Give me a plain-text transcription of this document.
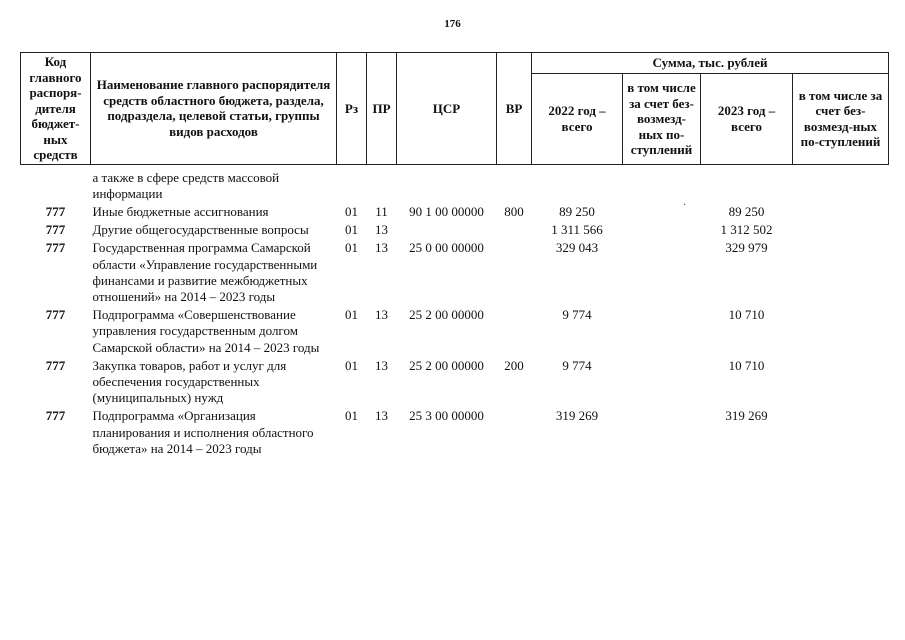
176
Код главного распоря-дителя бюджет-ных средств	Наименование главного распорядителя средств областного бюджета, раздела, подраздела, целевой статьи, группы видов расходов	Рз	ПР	ЦСР	ВР	Сумма, тыс. рублей			
						2022 год – всего	в том числе за счет без-возмезд-ных по-ступлений	2023 год – всего	в том числе за счет без-возмезд-ных по-ступлений
	а также в сфере средств массовой информации								
777	Иные бюджетные ассигнования	01	11	90 1 00 00000	800	89 250		89 250	
777	Другие общегосударственные вопросы	01	13			1 311 566		1 312 502	
777	Государственная программа Самарской области «Управление государственными финансами и развитие межбюджетных отношений» на 2014 – 2023 годы	01	13	25 0 00 00000		329 043		329 979	
777	Подпрограмма «Совершенствование управления государственным долгом Самарской области» на 2014 – 2023 годы	01	13	25 2 00 00000		9 774		10 710	
777	Закупка товаров, работ и услуг для обеспечения государственных (муниципальных) нужд	01	13	25 2 00 00000	200	9 774		10 710	
777	Подпрограмма «Организация планирования и исполнения областного бюджета» на 2014 – 2023 годы	01	13	25 3 00 00000		319 269		319 269	
·
